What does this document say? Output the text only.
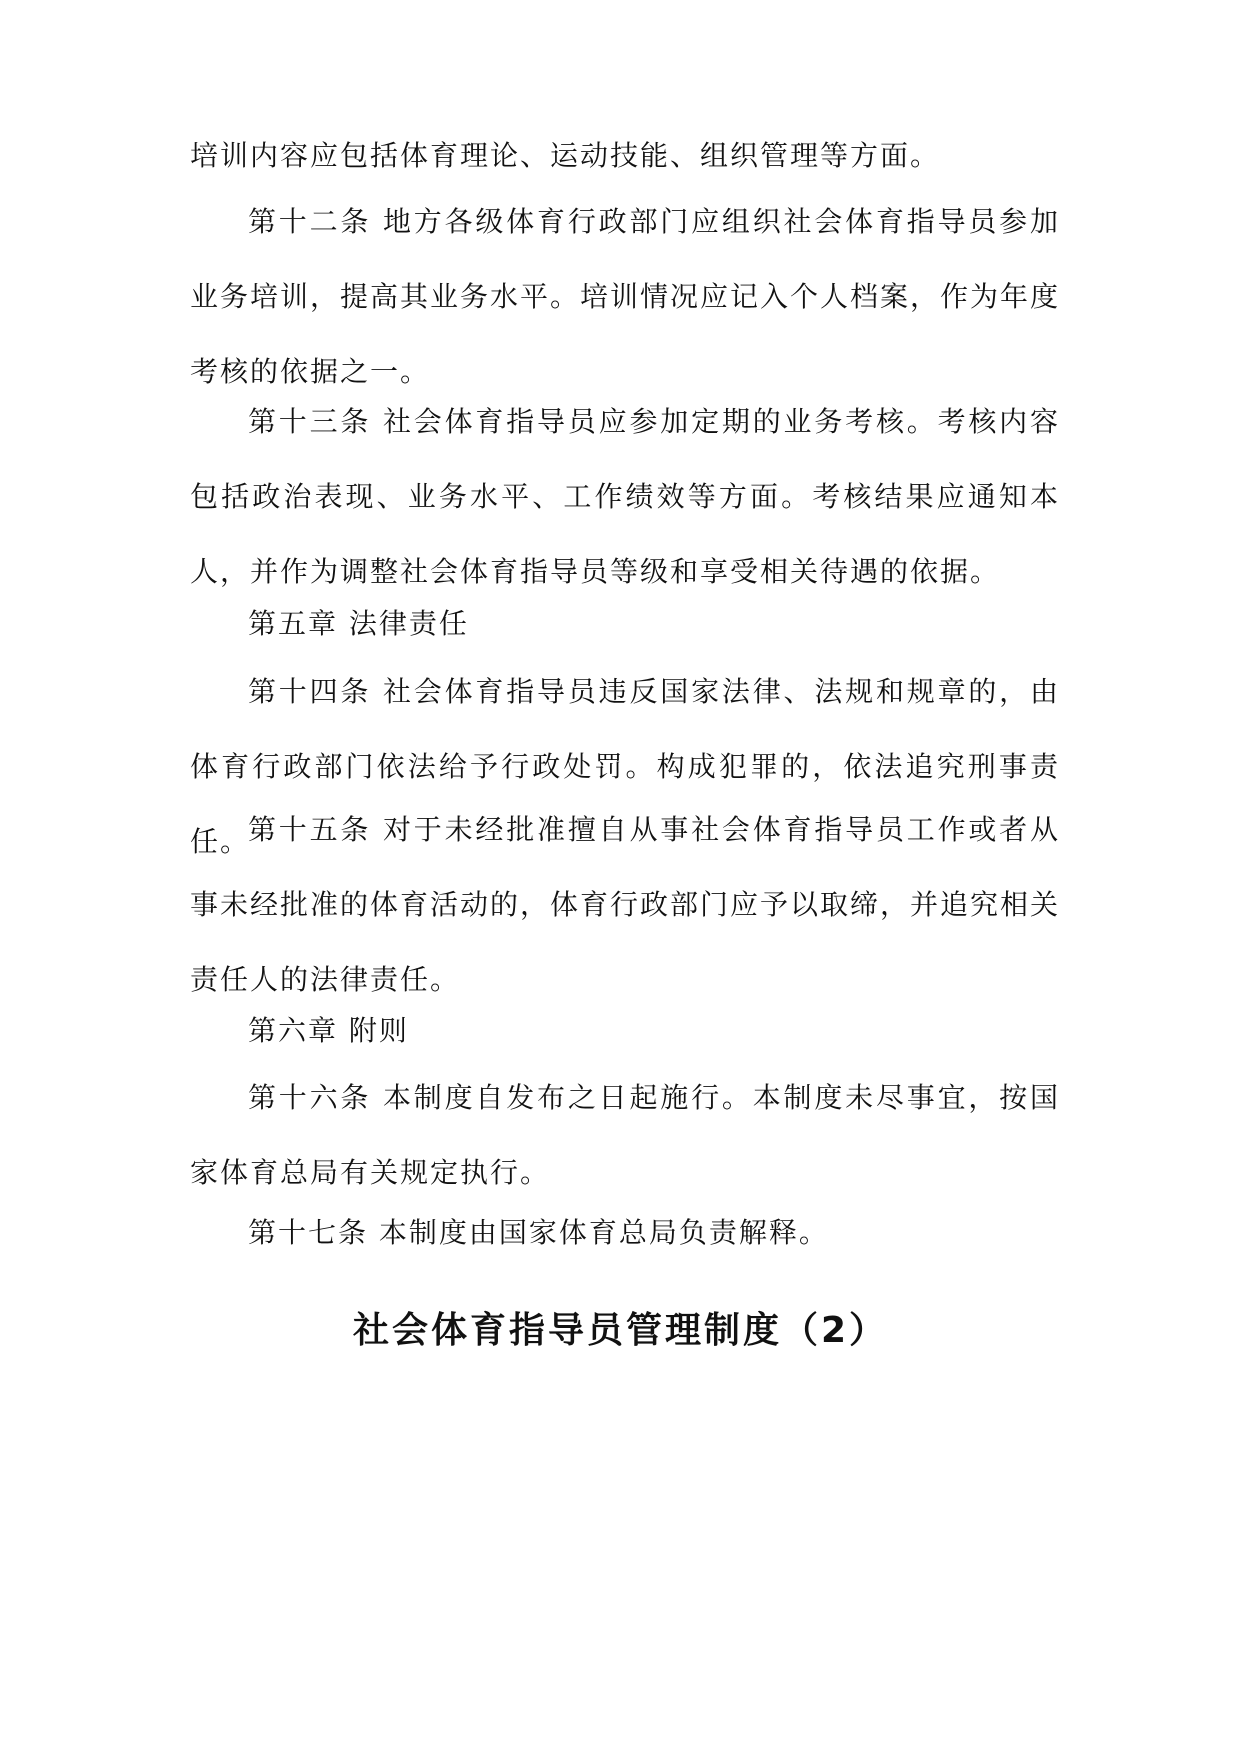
培训内容应包括体育理论、运动技能、组织管理等方面。

第十二条 地方各级体育行政部门应组织社会体育指导员参加业务培训，提高其业务水平。培训情况应记入个人档案，作为年度考核的依据之一。

第十三条 社会体育指导员应参加定期的业务考核。考核内容包括政治表现、业务水平、工作绩效等方面。考核结果应通知本人，并作为调整社会体育指导员等级和享受相关待遇的依据。

第五章 法律责任

第十四条 社会体育指导员违反国家法律、法规和规章的，由体育行政部门依法给予行政处罚。构成犯罪的，依法追究刑事责任。

第十五条 对于未经批准擅自从事社会体育指导员工作或者从事未经批准的体育活动的，体育行政部门应予以取缔，并追究相关责任人的法律责任。

第六章 附则

第十六条 本制度自发布之日起施行。本制度未尽事宜，按国家体育总局有关规定执行。

第十七条 本制度由国家体育总局负责解释。

社会体育指导员管理制度（2）
